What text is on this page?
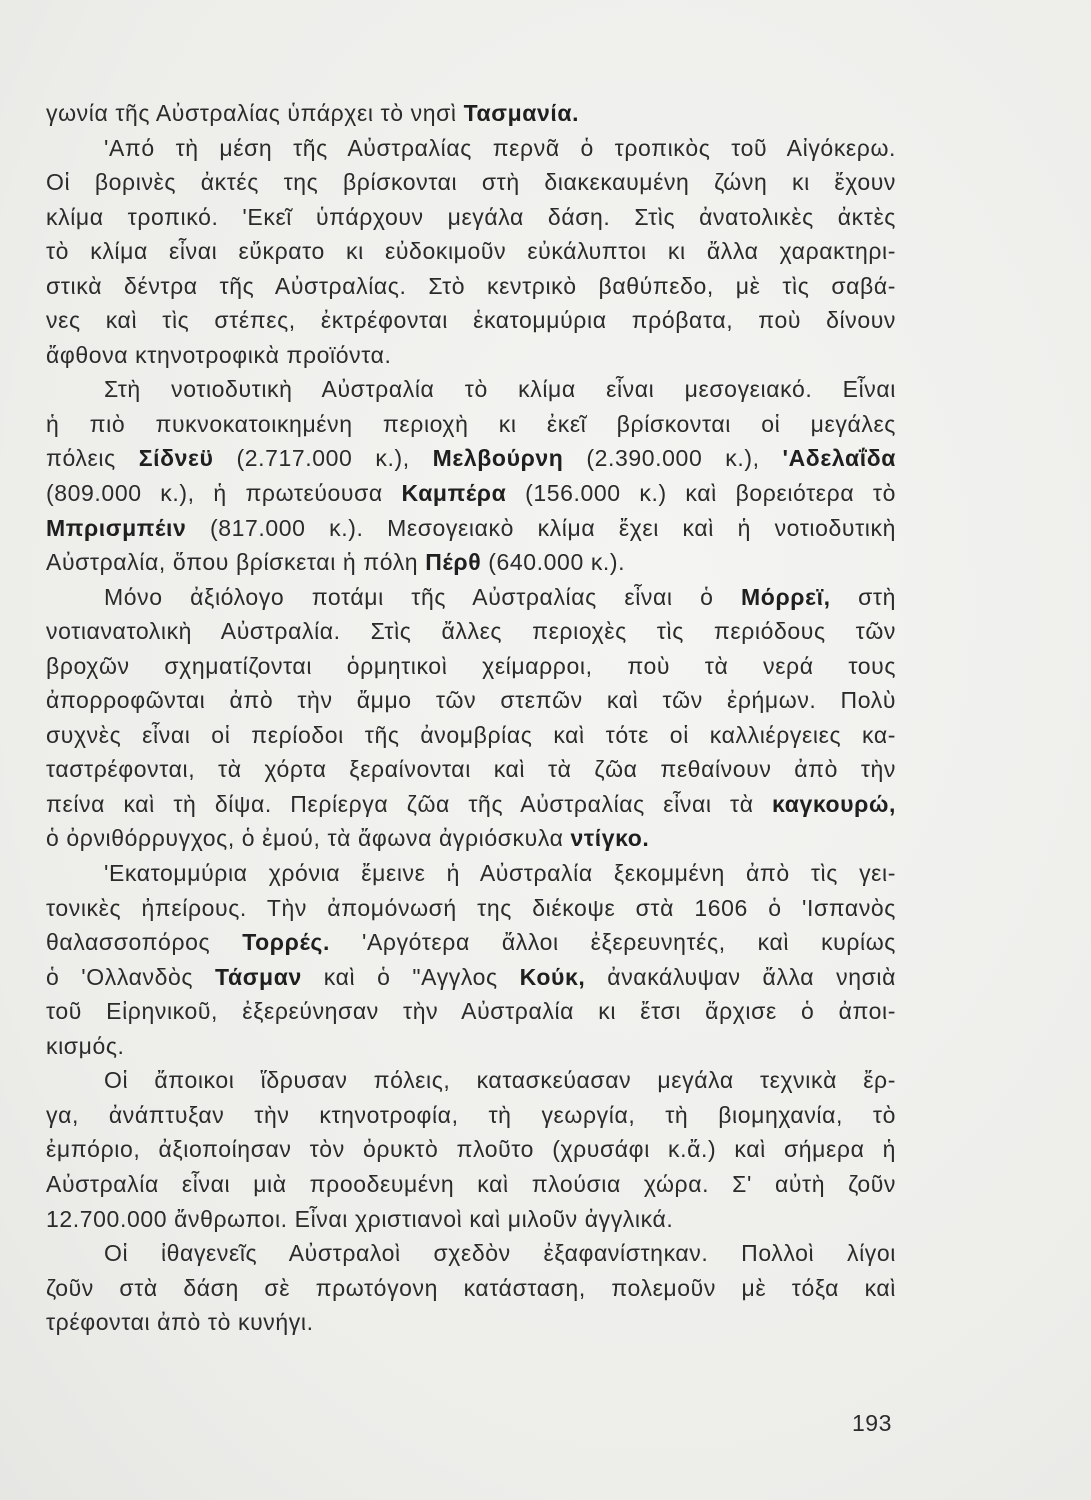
γωνία τῆς Αὐστραλίας ὑπάρχει τὸ νησὶ Τασμανία.
'Από τὴ μέση τῆς Αὐστραλίας περνᾶ ὁ τροπικὸς τοῦ Αἰγόκερω.
Οἱ βορινὲς ἀκτές της βρίσκονται στὴ διακεκαυμένη ζώνη κι ἔχουν
κλίμα τροπικό. 'Εκεῖ ὑπάρχουν μεγάλα δάση. Στὶς ἀνατολικὲς ἀκτὲς
τὸ κλίμα εἶναι εὔκρατο κι εὐδοκιμοῦν εὐκάλυπτοι κι ἄλλα χαρακτηρι-
στικὰ δέντρα τῆς Αὐστραλίας. Στὸ κεντρικὸ βαθύπεδο, μὲ τὶς σαβά-
νες καὶ τὶς στέπες, ἐκτρέφονται ἑκατομμύρια πρόβατα, ποὺ δίνουν
ἄφθονα κτηνοτροφικὰ προϊόντα.
Στὴ νοτιοδυτικὴ Αὐστραλία τὸ κλίμα εἶναι μεσογειακό. Εἶναι
ἡ πιὸ πυκνοκατοικημένη περιοχὴ κι ἐκεῖ βρίσκονται οἱ μεγάλες
πόλεις Σίδνεϋ (2.717.000 κ.), Μελβούρνη (2.390.000 κ.), 'Αδελαΐδα
(809.000 κ.), ἡ πρωτεύουσα Καμπέρα (156.000 κ.) καὶ βορειότερα τὸ
Μπρισμπέιν (817.000 κ.). Μεσογειακὸ κλίμα ἔχει καὶ ἡ νοτιοδυτικὴ
Αὐστραλία, ὅπου βρίσκεται ἡ πόλη Πέρθ (640.000 κ.).
Μόνο ἀξιόλογο ποτάμι τῆς Αὐστραλίας εἶναι ὁ Μόρρεϊ, στὴ
νοτιανατολικὴ Αὐστραλία. Στὶς ἄλλες περιοχὲς τὶς περιόδους τῶν
βροχῶν σχηματίζονται ὁρμητικοὶ χείμαρροι, ποὺ τὰ νερά τους
ἀπορροφῶνται ἀπὸ τὴν ἄμμο τῶν στεπῶν καὶ τῶν ἐρήμων. Πολὺ
συχνὲς εἶναι οἱ περίοδοι τῆς ἀνομβρίας καὶ τότε οἱ καλλιέργειες κα-
ταστρέφονται, τὰ χόρτα ξεραίνονται καὶ τὰ ζῶα πεθαίνουν ἀπὸ τὴν
πείνα καὶ τὴ δίψα. Περίεργα ζῶα τῆς Αὐστραλίας εἶναι τὰ καγκουρώ,
ὁ ὀρνιθόρρυγχος, ὁ ἐμού, τὰ ἄφωνα ἀγριόσκυλα ντίγκο.
'Εκατομμύρια χρόνια ἔμεινε ἡ Αὐστραλία ξεκομμένη ἀπὸ τὶς γει-
τονικὲς ἠπείρους. Τὴν ἀπομόνωσή της διέκοψε στὰ 1606 ὁ 'Ισπανὸς
θαλασσοπόρος Τορρές. 'Αργότερα ἄλλοι ἐξερευνητές, καὶ κυρίως
ὁ 'Ολλανδὸς Τάσμαν καὶ ὁ "Αγγλος Κούκ, ἀνακάλυψαν ἄλλα νησιὰ
τοῦ Εἰρηνικοῦ, ἐξερεύνησαν τὴν Αὐστραλία κι ἔτσι ἄρχισε ὁ ἀποι-
κισμός.
Οἱ ἄποικοι ἵδρυσαν πόλεις, κατασκεύασαν μεγάλα τεχνικὰ ἔρ-
γα, ἀνάπτυξαν τὴν κτηνοτροφία, τὴ γεωργία, τὴ βιομηχανία, τὸ
ἐμπόριο, ἀξιοποίησαν τὸν ὀρυκτὸ πλοῦτο (χρυσάφι κ.ἄ.) καὶ σήμερα ἡ
Αὐστραλία εἶναι μιὰ προοδευμένη καὶ πλούσια χώρα. Σ' αὐτὴ ζοῦν
12.700.000 ἄνθρωποι. Εἶναι χριστιανοὶ καὶ μιλοῦν ἀγγλικά.
Οἱ ἰθαγενεῖς Αὐστραλοὶ σχεδὸν ἐξαφανίστηκαν. Πολλοὶ λίγοι
ζοῦν στὰ δάση σὲ πρωτόγονη κατάσταση, πολεμοῦν μὲ τόξα καὶ
τρέφονται ἀπὸ τὸ κυνήγι.
193
